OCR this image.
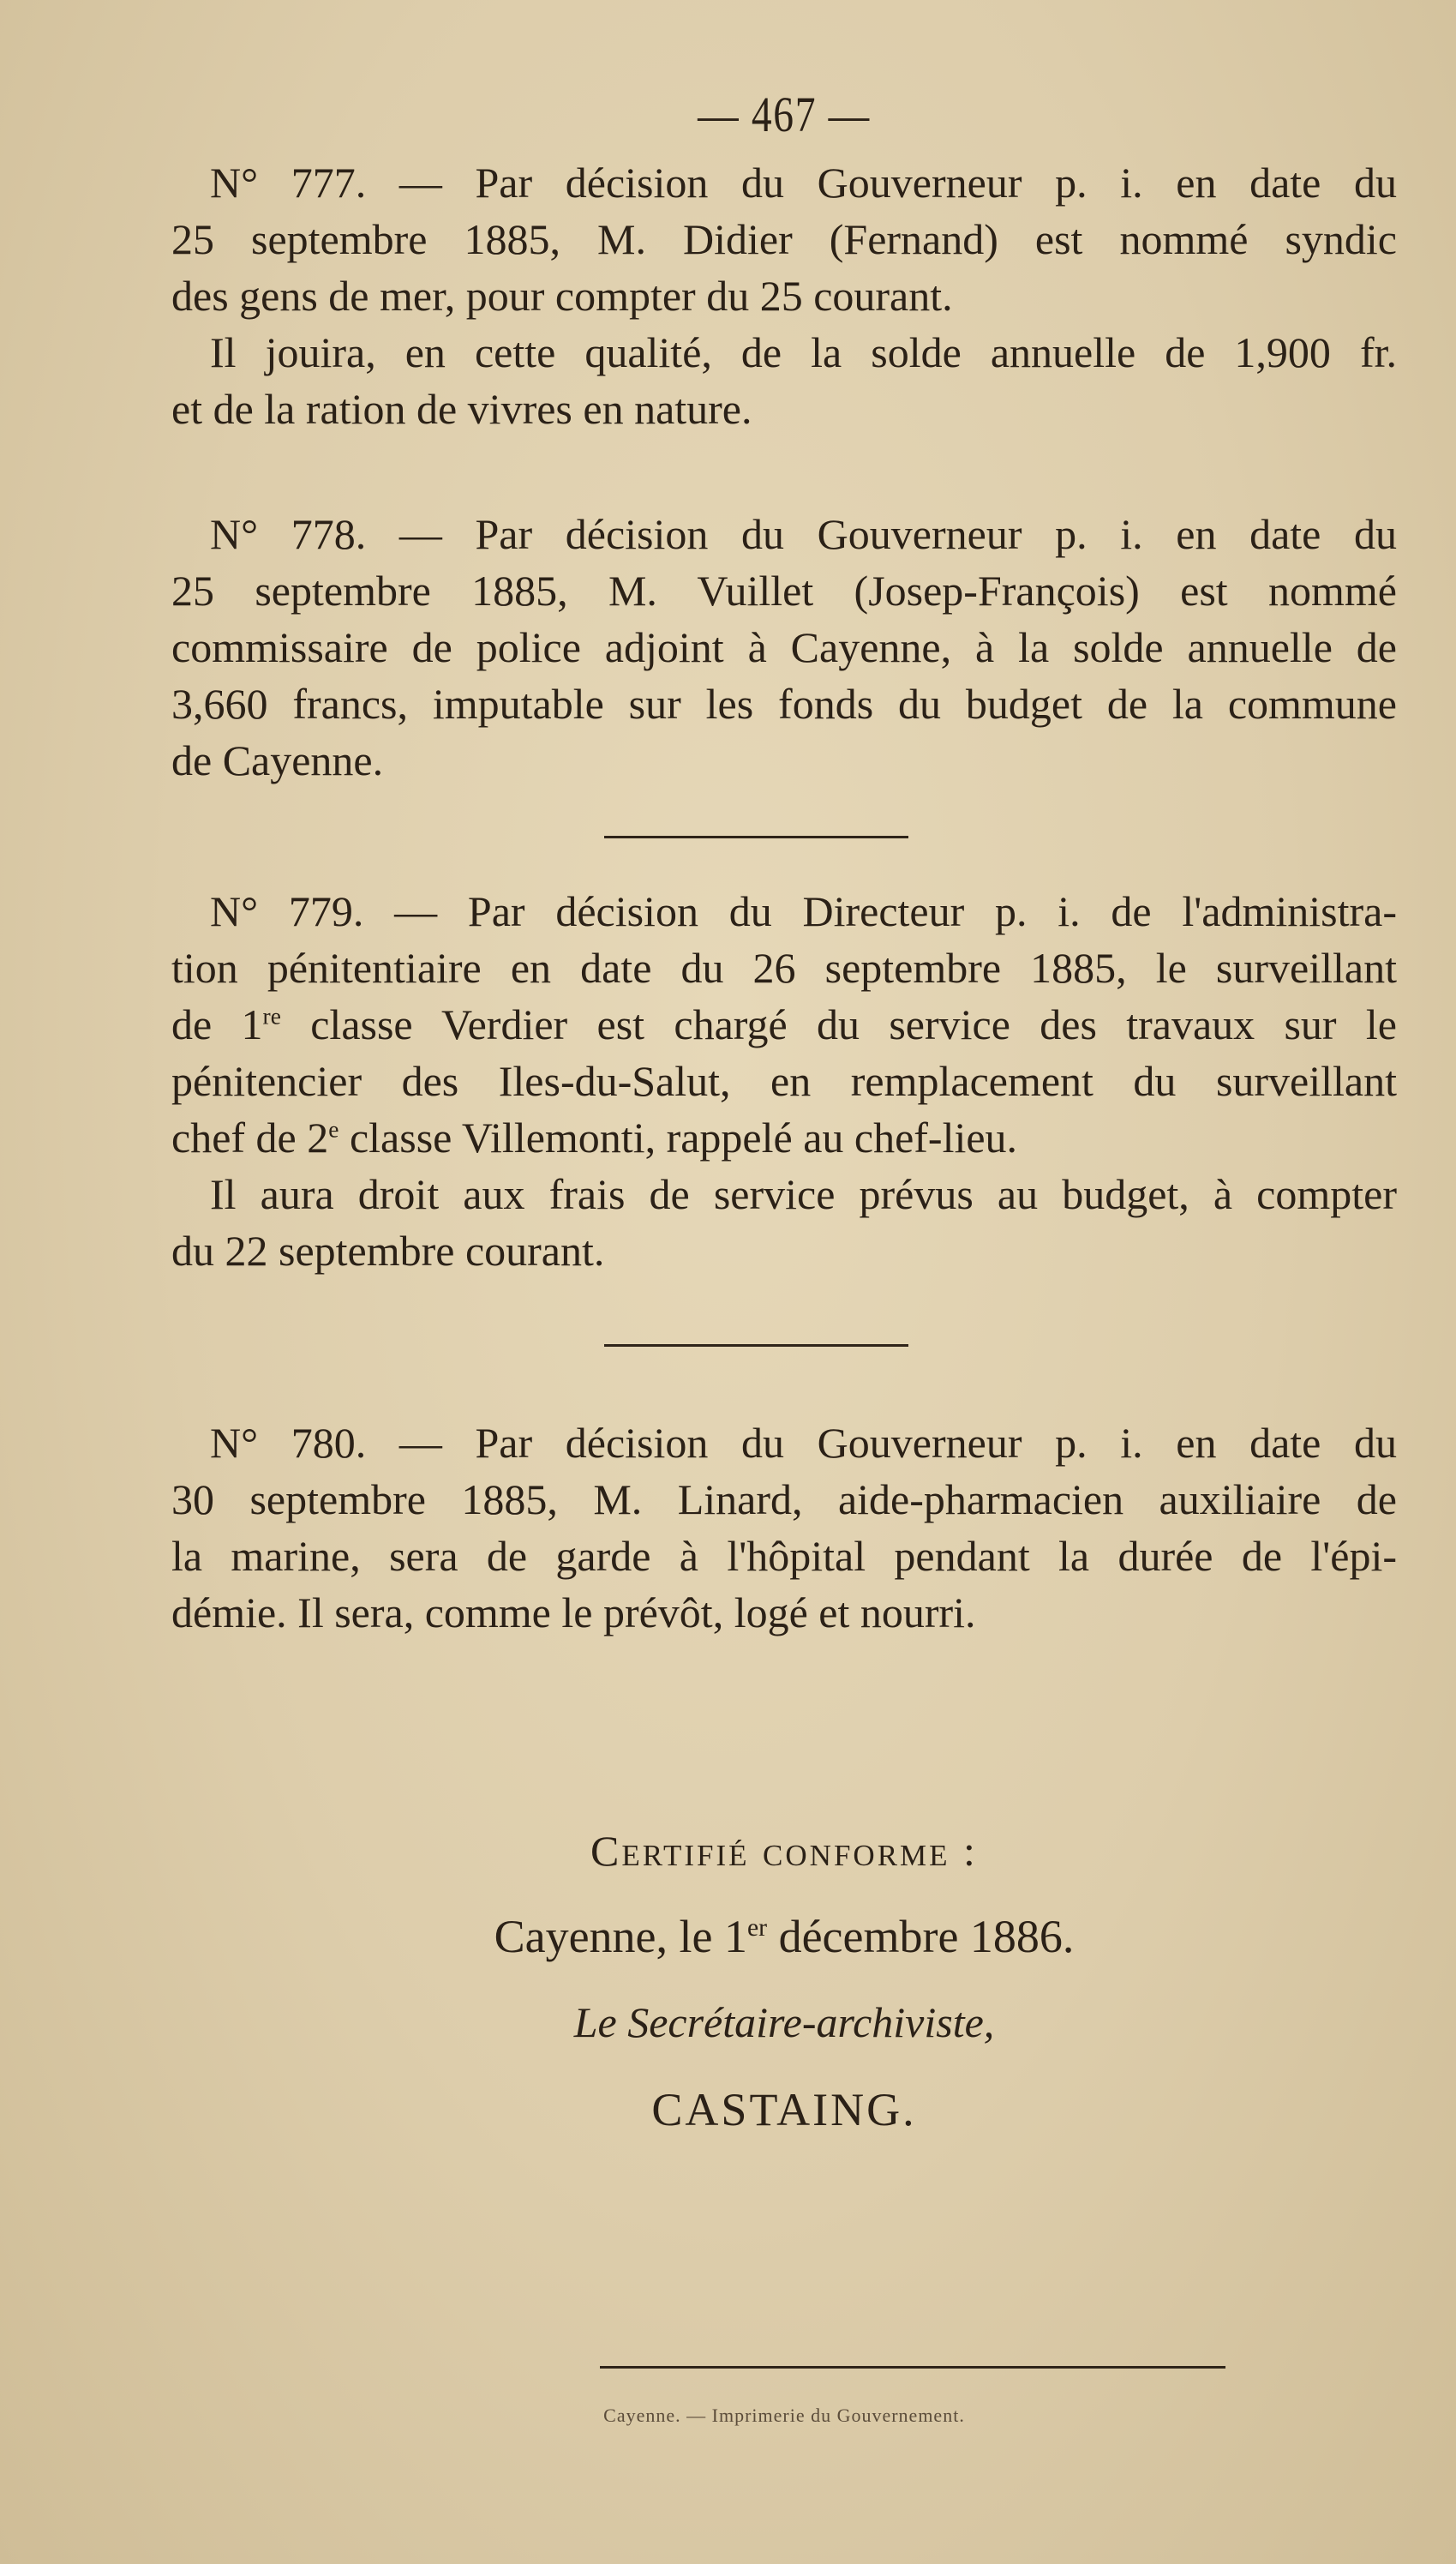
— 467 —
N° 777. — Par décision du Gouverneur p. i. en date du
25 septembre 1885, M. Didier (Fernand) est nommé syndic
des gens de mer, pour compter du 25 courant.
Il jouira, en cette qualité, de la solde annuelle de 1,900 fr.
et de la ration de vivres en nature.
N° 778. — Par décision du Gouverneur p. i. en date du
25 septembre 1885, M. Vuillet (Josep-François) est nommé
commissaire de police adjoint à Cayenne, à la solde annuelle de
3,660 francs, imputable sur les fonds du budget de la commune
de Cayenne.
N° 779. — Par décision du Directeur p. i. de l'administra-
tion pénitentiaire en date du 26 septembre 1885, le surveillant
de 1re classe Verdier est chargé du service des travaux sur le
pénitencier des Iles-du-Salut, en remplacement du surveillant
chef de 2e classe Villemonti, rappelé au chef-lieu.
Il aura droit aux frais de service prévus au budget, à compter
du 22 septembre courant.
N° 780. — Par décision du Gouverneur p. i. en date du
30 septembre 1885, M. Linard, aide-pharmacien auxiliaire de
la marine, sera de garde à l'hôpital pendant la durée de l'épi-
démie. Il sera, comme le prévôt, logé et nourri.
Certifié conforme :
Cayenne, le 1er décembre 1886.
Le Secrétaire-archiviste,
CASTAING.
Cayenne. — Imprimerie du Gouvernement.
